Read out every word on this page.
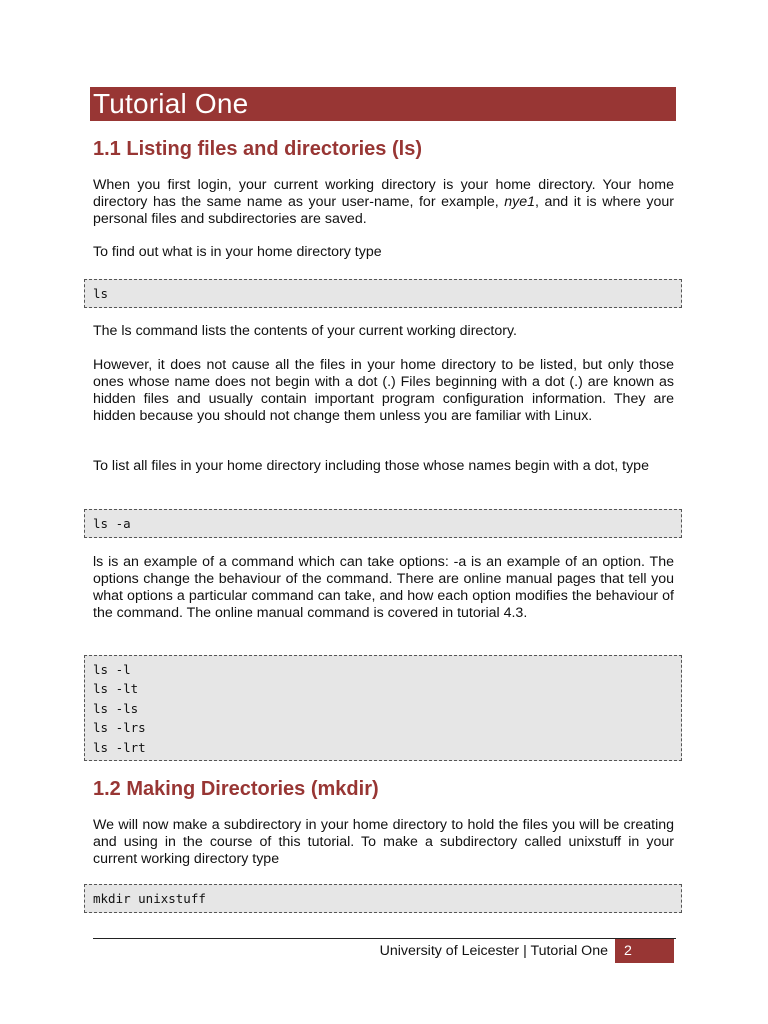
Tutorial One
1.1 Listing files and directories (ls)

When you first login, your current working directory is your home directory. Your home directory has the same name as your user-name, for example, nye1, and it is where your personal files and subdirectories are saved.

To find out what is in your home directory type

ls

The ls command lists the contents of your current working directory.

However, it does not cause all the files in your home directory to be listed, but only those ones whose name does not begin with a dot (.) Files beginning with a dot (.) are known as hidden files and usually contain important program configuration information. They are hidden because you should not change them unless you are familiar with Linux.

To list all files in your home directory including those whose names begin with a dot, type

ls -a

ls is an example of a command which can take options: -a is an example of an option. The options change the behaviour of the command. There are online manual pages that tell you what options a particular command can take, and how each option modifies the behaviour of the command. The online manual command is covered in tutorial 4.3.

ls -l
ls -lt
ls -ls
ls -lrs
ls -lrt
1.2 Making Directories (mkdir)

We will now make a subdirectory in your home directory to hold the files you will be creating and using in the course of this tutorial. To make a subdirectory called unixstuff in your current working directory type

mkdir unixstuff
University of Leicester | Tutorial One	2
